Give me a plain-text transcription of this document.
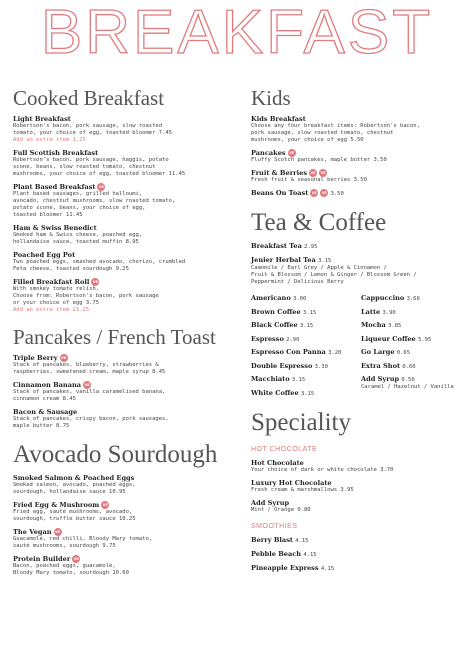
BREAKFAST
Cooked Breakfast
Light Breakfast
Robertson's bacon, pork sausage, slow roasted
tomato, your choice of egg, toasted bloomer 7.45
Add an extra item 1.25
Full Scottish Breakfast
Robertson's bacon, pork sausage, haggis, potato
scone, beans, slow roasted tomato, chestnut
mushrooms, your choice of egg, toasted bloomer 11.45
Plant Based Breakfast VE
Plant based sausages, grilled halloumi,
avocado, chestnut mushrooms, slow roasted tomato,
potato scone, beans, your choice of egg,
toasted bloomer 11.45
Ham & Swiss Benedict
Smoked ham & Swiss cheese, poached egg,
hollandaise sauce, toasted muffin 8.95
Poached Egg Pot
Two poached eggs, smashed avocado, chorizo, crumbled
Feta cheese, toasted sourdough 9.25
Filled Breakfast Roll VE
With smokey tomato relish.
Choose from: Robertson's bacon, pork sausage
or your choice of egg 3.75
Add an extra item £1.25
Pancakes / French Toast
Triple Berry VE
Stack of pancakes, blueberry, strawberries &
raspberries, sweetened cream, maple syrup 8.45
Cinnamon Banana VE
Stack of pancakes, vanilla caramelised banana,
cinnamon cream 8.45
Bacon & Sausage
Stack of pancakes, crispy bacon, pork sausages,
maple butter 8.75
Avocado Sourdough
Smoked Salmon & Poached Eggs
Smoked salmon, avocado, poached eggs,
sourdough, hollandaise sauce 10.95
Fried Egg & Mushroom VE
Fried egg, sauté mushrooms, avocado,
sourdough, truffle butter sauce 10.25
The Vegan VE
Guacamole, red chilli, Bloody Mary tomato,
sauté mushrooms, sourdough 9.75
Protein Builder VE
Bacon, poached eggs, guacamole,
Bloody Mary tomato, sourdough 10.60
Kids
Kids Breakfast
Choose any four breakfast items: Robertson's bacon,
pork sausage, slow roasted tomato, chestnut
mushrooms, your choice of egg 5.50
Pancakes VE
Fluffy Scotch pancakes, maple butter 3.50
Fruit & Berries VE VE
Fresh fruit & seasonal berries 3.50
Beans On Toast VE VE 3.50
Tea & Coffee
Breakfast Tea 2.95
Jenier Herbal Tea 3.15
Camomile / Earl Grey / Apple & Cinnamon /
Fruit & Blossom / Lemon & Ginger / Blossom Green /
Peppermint / Delicious Berry
Americano 3.00	Cappuccino 3.60
Brown Coffee 3.15	Latte 3.90
Black Coffee 3.15	Mocha 3.85
Espresso 2.90	Liqueur Coffee 5.95
Espresso Con Panna 3.20	Go Large 0.65
Double Espresso 3.30	Extra Shot 0.60
Macchiato 3.15	Add Syrup 0.50
Caramel / Hazelnut / Vanilla
White Coffee 3.15
Speciality
HOT CHOCOLATE
Hot Chocolate
Your choice of dark or white chocolate 3.70
Luxury Hot Chocolate
Fresh cream & marshmallows 3.95
Add Syrup
Mint / Orange 0.80
SMOOTHIES
Berry Blast 4.15
Pebble Beach 4.15
Pineapple Express 4.15
